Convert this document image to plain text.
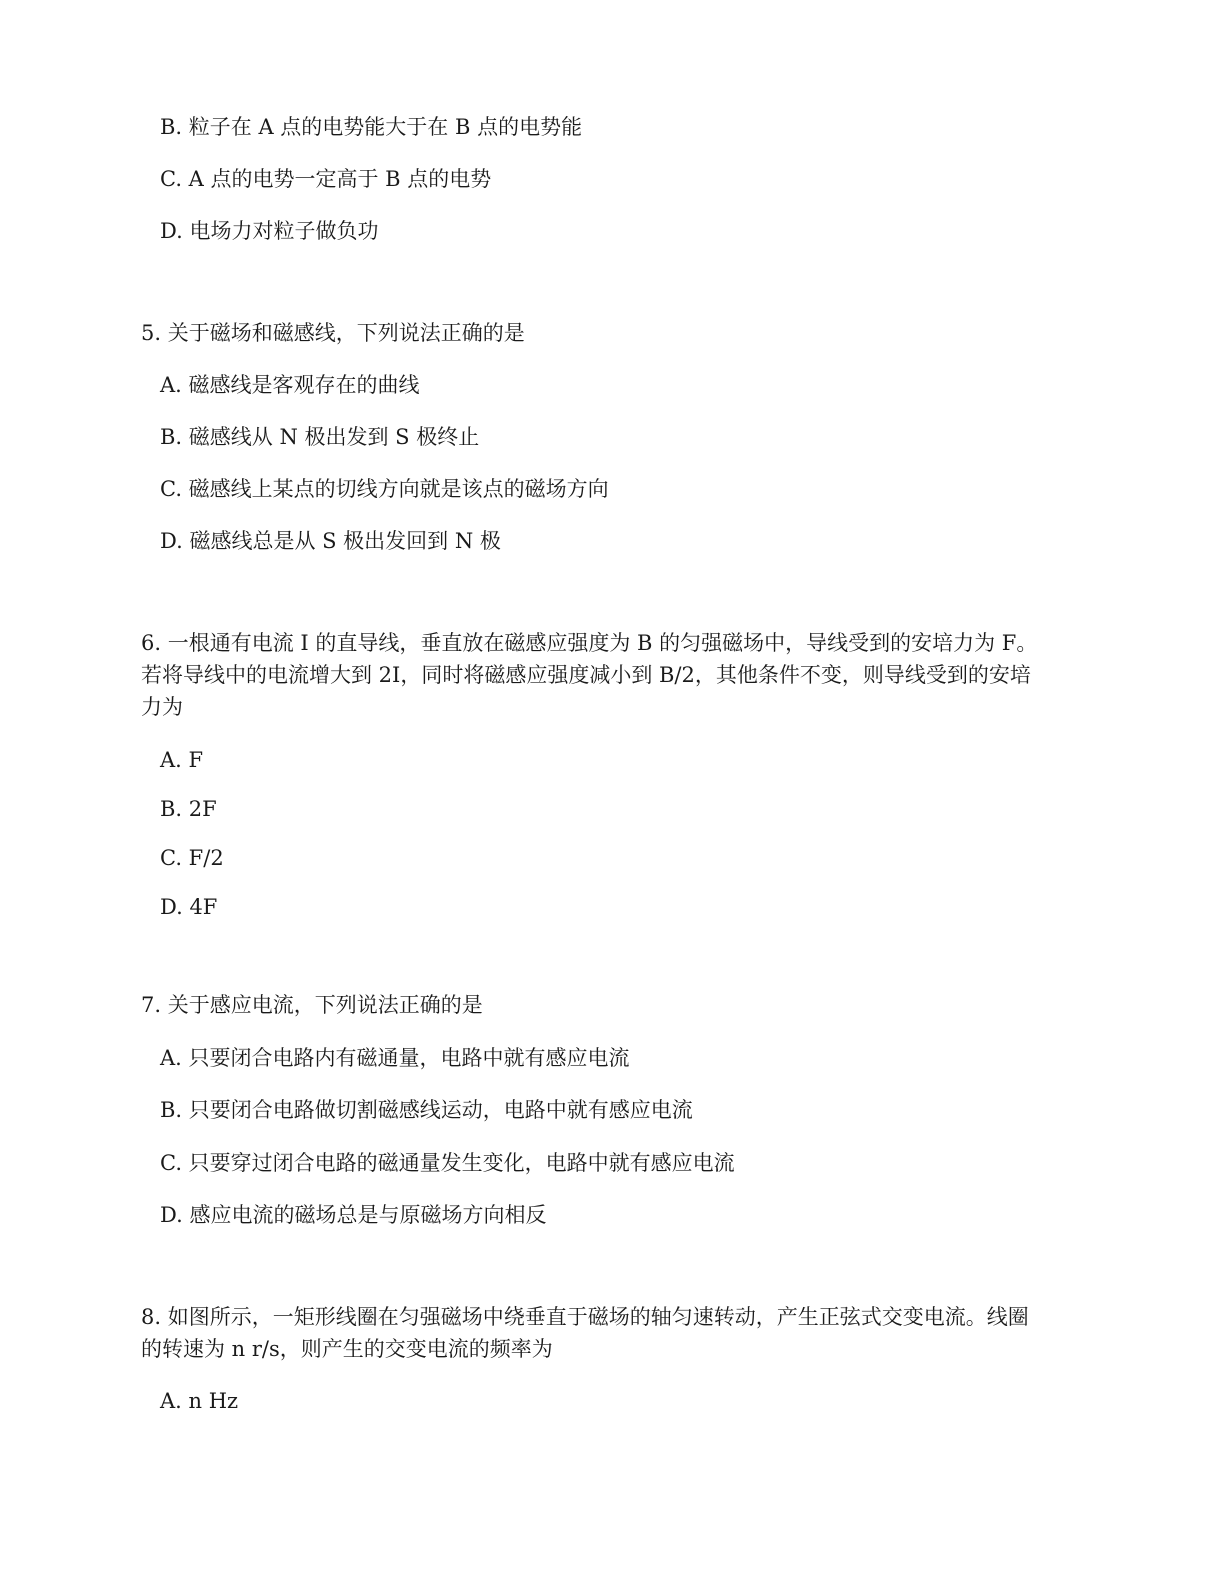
B. 粒子在 A 点的电势能大于在 B 点的电势能
C. A 点的电势一定高于 B 点的电势
D. 电场力对粒子做负功
5. 关于磁场和磁感线，下列说法正确的是
A. 磁感线是客观存在的曲线
B. 磁感线从 N 极出发到 S 极终止
C. 磁感线上某点的切线方向就是该点的磁场方向
D. 磁感线总是从 S 极出发回到 N 极
6. 一根通有电流 I 的直导线，垂直放在磁感应强度为 B 的匀强磁场中，导线受到的安培力为 F。
若将导线中的电流增大到 2I，同时将磁感应强度减小到 B/2，其他条件不变，则导线受到的安培
力为
A. F
B. 2F
C. F/2
D. 4F
7. 关于感应电流，下列说法正确的是
A. 只要闭合电路内有磁通量，电路中就有感应电流
B. 只要闭合电路做切割磁感线运动，电路中就有感应电流
C. 只要穿过闭合电路的磁通量发生变化，电路中就有感应电流
D. 感应电流的磁场总是与原磁场方向相反
8. 如图所示，一矩形线圈在匀强磁场中绕垂直于磁场的轴匀速转动，产生正弦式交变电流。线圈
的转速为 n r/s，则产生的交变电流的频率为
A. n Hz
